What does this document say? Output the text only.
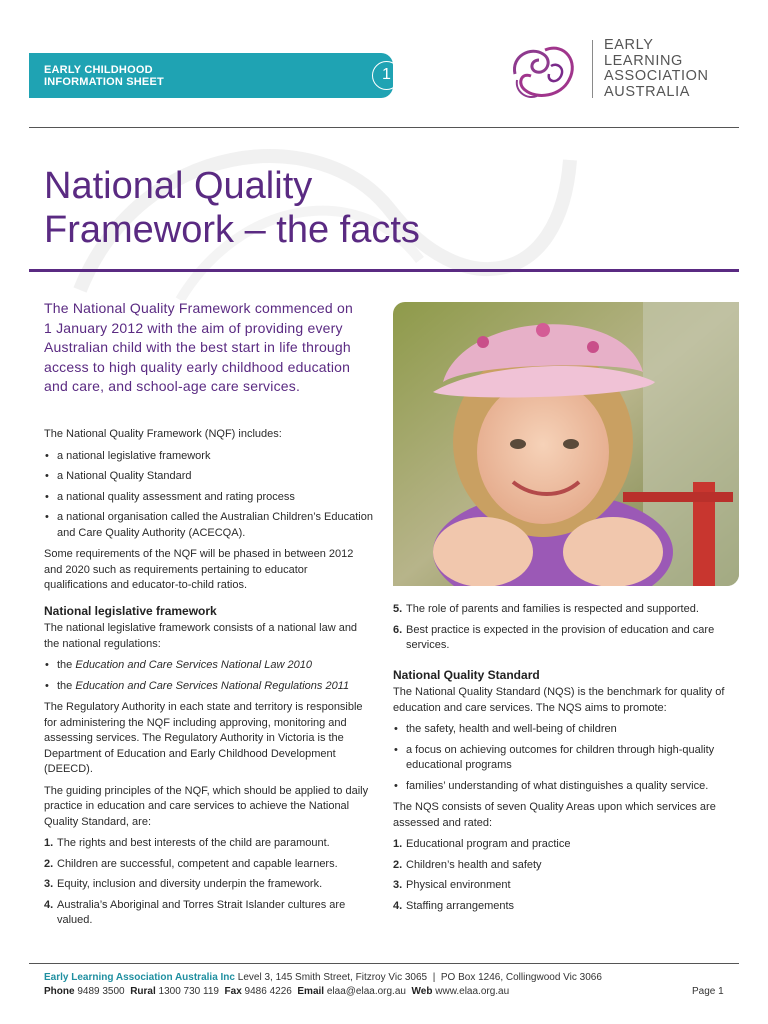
EARLY CHILDHOOD
INFORMATION SHEET	1
EARLY
LEARNING
ASSOCIATION
AUSTRALIA
National Quality
Framework – the facts
The National Quality Framework commenced on 1 January 2012 with the aim of providing every Australian child with the best start in life through access to high quality early childhood education and care, and school-age care services.

The National Quality Framework (NQF) includes:

• a national legislative framework
• a National Quality Standard
• a national quality assessment and rating process
• a national organisation called the Australian Children’s Education and Care Quality Authority (ACECQA).

Some requirements of the NQF will be phased in between 2012 and 2020 such as requirements pertaining to educator qualifications and educator-to-child ratios.

National legislative framework

The national legislative framework consists of a national law and the national regulations:

• the Education and Care Services National Law 2010
• the Education and Care Services National Regulations 2011

The Regulatory Authority in each state and territory is responsible for administering the NQF including approving, monitoring and assessing services. The Regulatory Authority in Victoria is the Department of Education and Early Childhood Development (DEECD).

The guiding principles of the NQF, which should be applied to daily practice in education and care services to achieve the National Quality Standard, are:

1. The rights and best interests of the child are paramount.
2. Children are successful, competent and capable learners.
3. Equity, inclusion and diversity underpin the framework.
4. Australia’s Aboriginal and Torres Strait Islander cultures are valued.
5. The role of parents and families is respected and supported.
6. Best practice is expected in the provision of education and care services.
National Quality Standard

The National Quality Standard (NQS) is the benchmark for quality of education and care services. The NQS aims to promote:

• the safety, health and well-being of children
• a focus on achieving outcomes for children through high-quality educational programs
• families’ understanding of what distinguishes a quality service.

The NQS consists of seven Quality Areas upon which services are assessed and rated:

1. Educational program and practice
2. Children’s health and safety
3. Physical environment
4. Staffing arrangements
Early Learning Association Australia Inc Level 3, 145 Smith Street, Fitzroy Vic 3065 | PO Box 1246, Collingwood Vic 3066
Phone 9489 3500 Rural 1300 730 119 Fax 9486 4226 Email elaa@elaa.org.au Web www.elaa.org.au	Page 1
